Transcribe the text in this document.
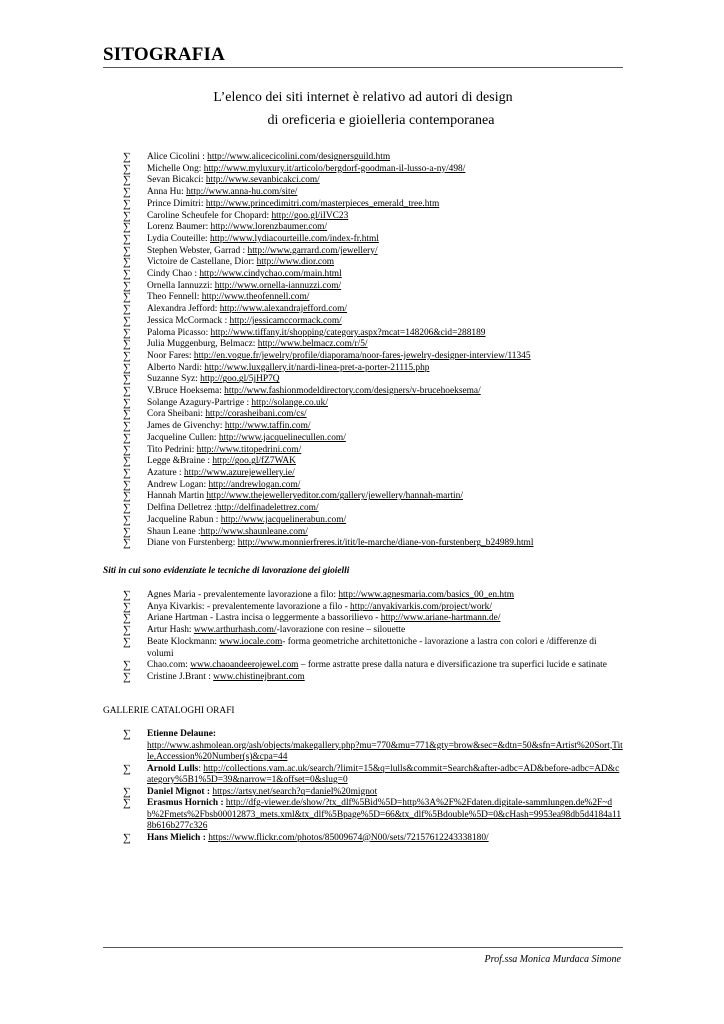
SITOGRAFIA
L’elenco dei siti internet è relativo ad autori di design
di oreficeria e gioielleria contemporanea
∑ Alice Cicolini : http://www.alicecicolini.com/designersguild.htm
∑ Michelle Ong: http://www.myluxury.it/articolo/bergdorf-goodman-il-lusso-a-ny/498/
∑ Sevan Bicakci: http://www.sevanbicakci.com/
∑ Anna Hu: http://www.anna-hu.com/site/
∑ Prince Dimitri: http://www.princedimitri.com/masterpieces_emerald_tree.htm
∑ Caroline Scheufele for Chopard: http://goo.gl/iIVC23
∑ Lorenz Baumer: http://www.lorenzbaumer.com/
∑ Lydia Couteille: http://www.lydiacourteille.com/index-fr.html
∑ Stephen Webster, Garrad : http://www.garrard.com/jewellery/
∑ Victoire de Castellane, Dior: http://www.dior.com
∑ Cindy Chao : http://www.cindychao.com/main.html
∑ Ornella Iannuzzi: http://www.ornella-iannuzzi.com/
∑ Theo Fennell: http://www.theofennell.com/
∑ Alexandra Jefford: http://www.alexandrajefford.com/
∑ Jessica McCormack : http://jessicamccormack.com/
∑ Paloma Picasso: http://www.tiffany.it/shopping/category.aspx?mcat=148206&cid=288189
∑ Julia Muggenburg, Belmacz: http://www.belmacz.com/r/5/
∑ Noor Fares: http://en.vogue.fr/jewelry/profile/diaporama/noor-fares-jewelry-designer-interview/11345
∑ Alberto Nardi: http://www.luxgallery.it/nardi-linea-pret-a-porter-21115.php
∑ Suzanne Syz: http://goo.gl/5jHP7Q
∑ V.Bruce Hoeksema: http://www.fashionmodeldirectory.com/designers/v-brucehoeksema/
∑ Solange Azagury-Partrige : http://solange.co.uk/
∑ Cora Sheibani: http://corasheibani.com/cs/
∑ James de Givenchy: http://www.taffin.com/
∑ Jacqueline Cullen: http://www.jacquelinecullen.com/
∑ Tito Pedrini: http://www.titopedrini.com/
∑ Legge &Braine : http://goo.gl/fZ7WAK
∑ Azature : http://www.azurejewellery.ie/
∑ Andrew Logan: http://andrewlogan.com/
∑ Hannah Martin http://www.thejewelleryeditor.com/gallery/jewellery/hannah-martin/
∑ Delfina Delletrez :http://delfinadelettrez.com/
∑ Jacqueline Rabun : http://www.jacquelinerabun.com/
∑ Shaun Leane :http://www.shaunleane.com/
∑ Diane von Furstenberg: http://www.monnierfreres.it/itit/le-marche/diane-von-furstenberg_b24989.html
Siti in cui sono evidenziate le tecniche di lavorazione dei gioielli
∑ Agnes Maria - prevalentemente lavorazione a filo: http://www.agnesmaria.com/basics_00_en.htm
∑ Anya Kivarkis: - prevalentemente lavorazione a filo - http://anyakivarkis.com/project/work/
∑ Ariane Hartman - Lastra incisa o leggermente a bassorilievo - http://www.ariane-hartmann.de/
∑ Artur Hash: www.arthurhash.com/-lavorazione con resine – silouette
∑ Beate Klockmann: www.iocale.com- forma geometriche architettoniche - lavorazione a lastra con colori e /differenze di volumi
∑ Chao.com: www.chaoandeerojewel.com – forme astratte prese dalla natura e diversificazione tra superfici lucide e satinate
∑ Cristine J.Brant : www.chistinejbrant.com
GALLERIE CATALOGHI ORAFI
∑ Etienne Delaune:
http://www.ashmolean.org/ash/objects/makegallery.php?mu=770&mu=771&gty=brow&sec=&dtn=50&sfn=Artist%20Sort,Title,Accession%20Number(s)&cpa=44
∑ Arnold Lulls: http://collections.vam.ac.uk/search/?limit=15&q=lulls&commit=Search&after-adbc=AD&before-adbc=AD&category%5B1%5D=39&narrow=1&offset=0&slug=0
∑ Daniel Mignot : https://artsy.net/search?q=daniel%20mignot
∑ Erasmus Hornich : http://dfg-viewer.de/show/?tx_dlf%5Bid%5D=http%3A%2F%2Fdaten.digitale-sammlungen.de%2F~db%2Fmets%2Fbsb00012873_mets.xml&tx_dlf%5Bpage%5D=66&tx_dlf%5Bdouble%5D=0&cHash=9953ea98db5d4184a118b616b277c326
∑ Hans Mielich : https://www.flickr.com/photos/85009674@N00/sets/72157612243338180/
Prof.ssa Monica Murdaca Simone
